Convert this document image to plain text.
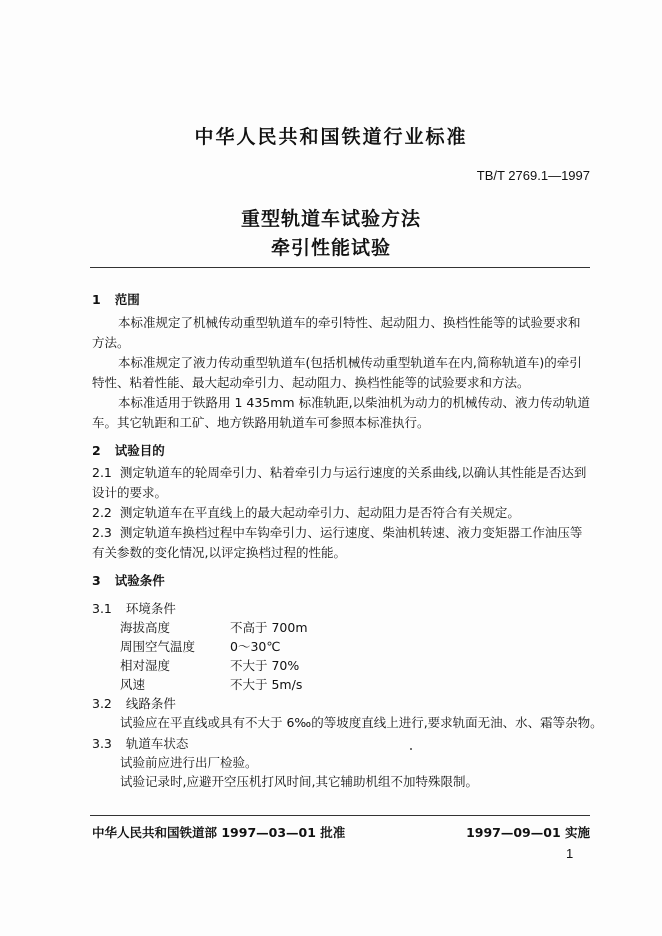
中华人民共和国铁道行业标准
TB/T 2769.1—1997
重型轨道车试验方法
牵引性能试验
1 范围
本标准规定了机械传动重型轨道车的牵引特性、起动阻力、换档性能等的试验要求和方法。
本标准规定了液力传动重型轨道车(包括机械传动重型轨道车在内,简称轨道车)的牵引特性、粘着性能、最大起动牵引力、起动阻力、换档性能等的试验要求和方法。
本标准适用于铁路用 1 435mm 标准轨距,以柴油机为动力的机械传动、液力传动轨道车。其它轨距和工矿、地方铁路用轨道车可参照本标准执行。
2 试验目的
2.1 测定轨道车的轮周牵引力、粘着牵引力与运行速度的关系曲线,以确认其性能是否达到设计的要求。
2.2 测定轨道车在平直线上的最大起动牵引力、起动阻力是否符合有关规定。
2.3 测定轨道车换档过程中车钩牵引力、运行速度、柴油机转速、液力变矩器工作油压等有关参数的变化情况,以评定换档过程的性能。
3 试验条件
3.1 环境条件
海拔高度	不高于 700m
周围空气温度	0～30℃
相对湿度	不大于 70%
风速	不大于 5m/s
3.2 线路条件
试验应在平直线或具有不大于 6‰的等坡度直线上进行,要求轨面无油、水、霜等杂物。
3.3 轨道车状态
试验前应进行出厂检验。
试验记录时,应避开空压机打风时间,其它辅助机组不加特殊限制。
中华人民共和国铁道部 1997—03—01 批准	1997—09—01 实施
1
